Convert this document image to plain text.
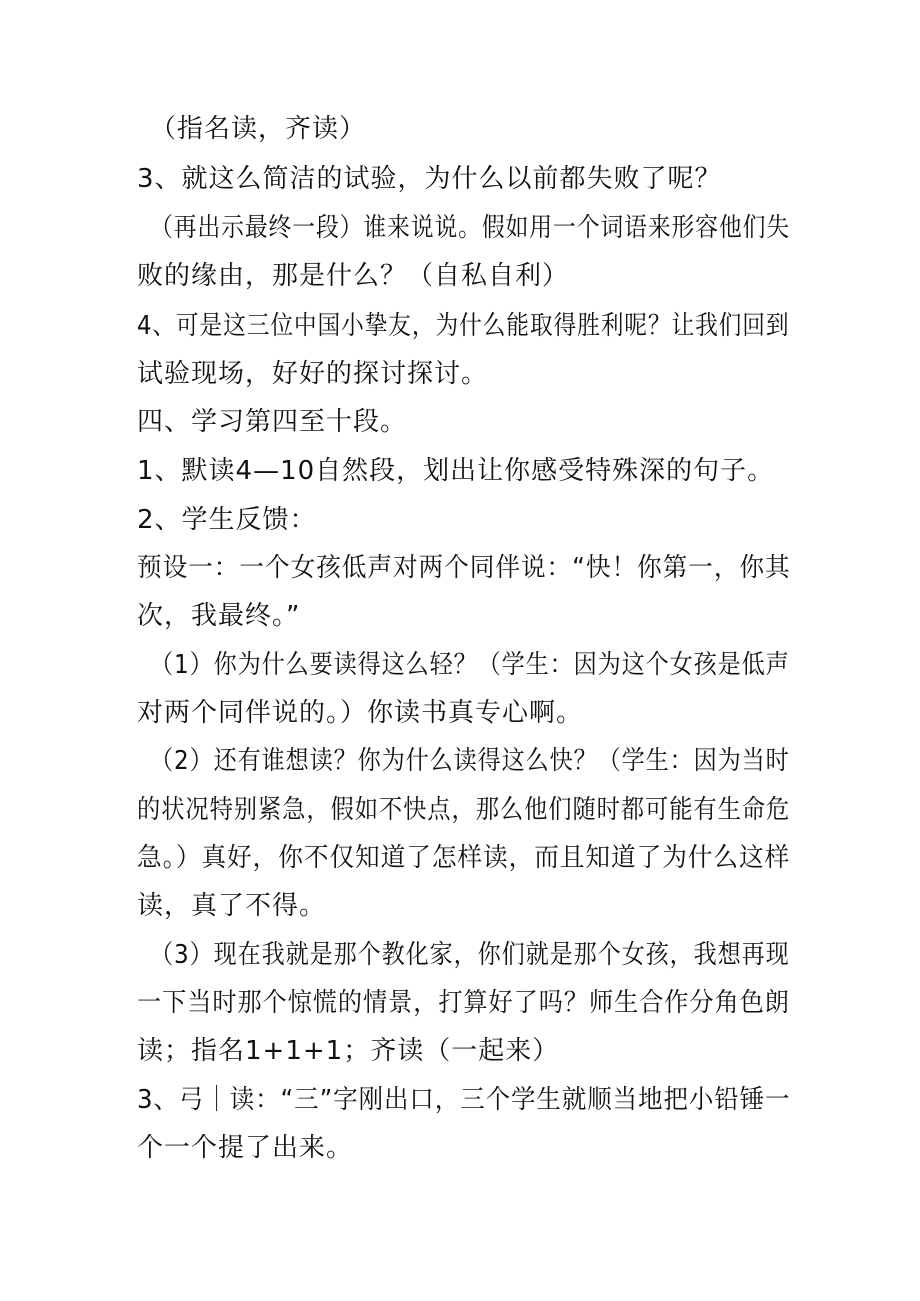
（指名读，齐读）
3、就这么简洁的试验，为什么以前都失败了呢？
（再出示最终一段）谁来说说。假如用一个词语来形容他们失
败的缘由，那是什么？（自私自利）
4、可是这三位中国小挚友，为什么能取得胜利呢？让我们回到
试验现场，好好的探讨探讨。
四、学习第四至十段。
1、默读4—10自然段，划出让你感受特殊深的句子。
2、学生反馈：
预设一：一个女孩低声对两个同伴说：“快！你第一，你其
次，我最终。”
（1）你为什么要读得这么轻？（学生：因为这个女孩是低声
对两个同伴说的。）你读书真专心啊。
（2）还有谁想读？你为什么读得这么快？（学生：因为当时
的状况特别紧急，假如不快点，那么他们随时都可能有生命危
急。）真好，你不仅知道了怎样读，而且知道了为什么这样
读，真了不得。
（3）现在我就是那个教化家，你们就是那个女孩，我想再现
一下当时那个惊慌的情景，打算好了吗？师生合作分角色朗
读；指名1+1+1；齐读（一起来）
3、弓｜读：“三”字刚出口，三个学生就顺当地把小铅锤一
个一个提了出来。
